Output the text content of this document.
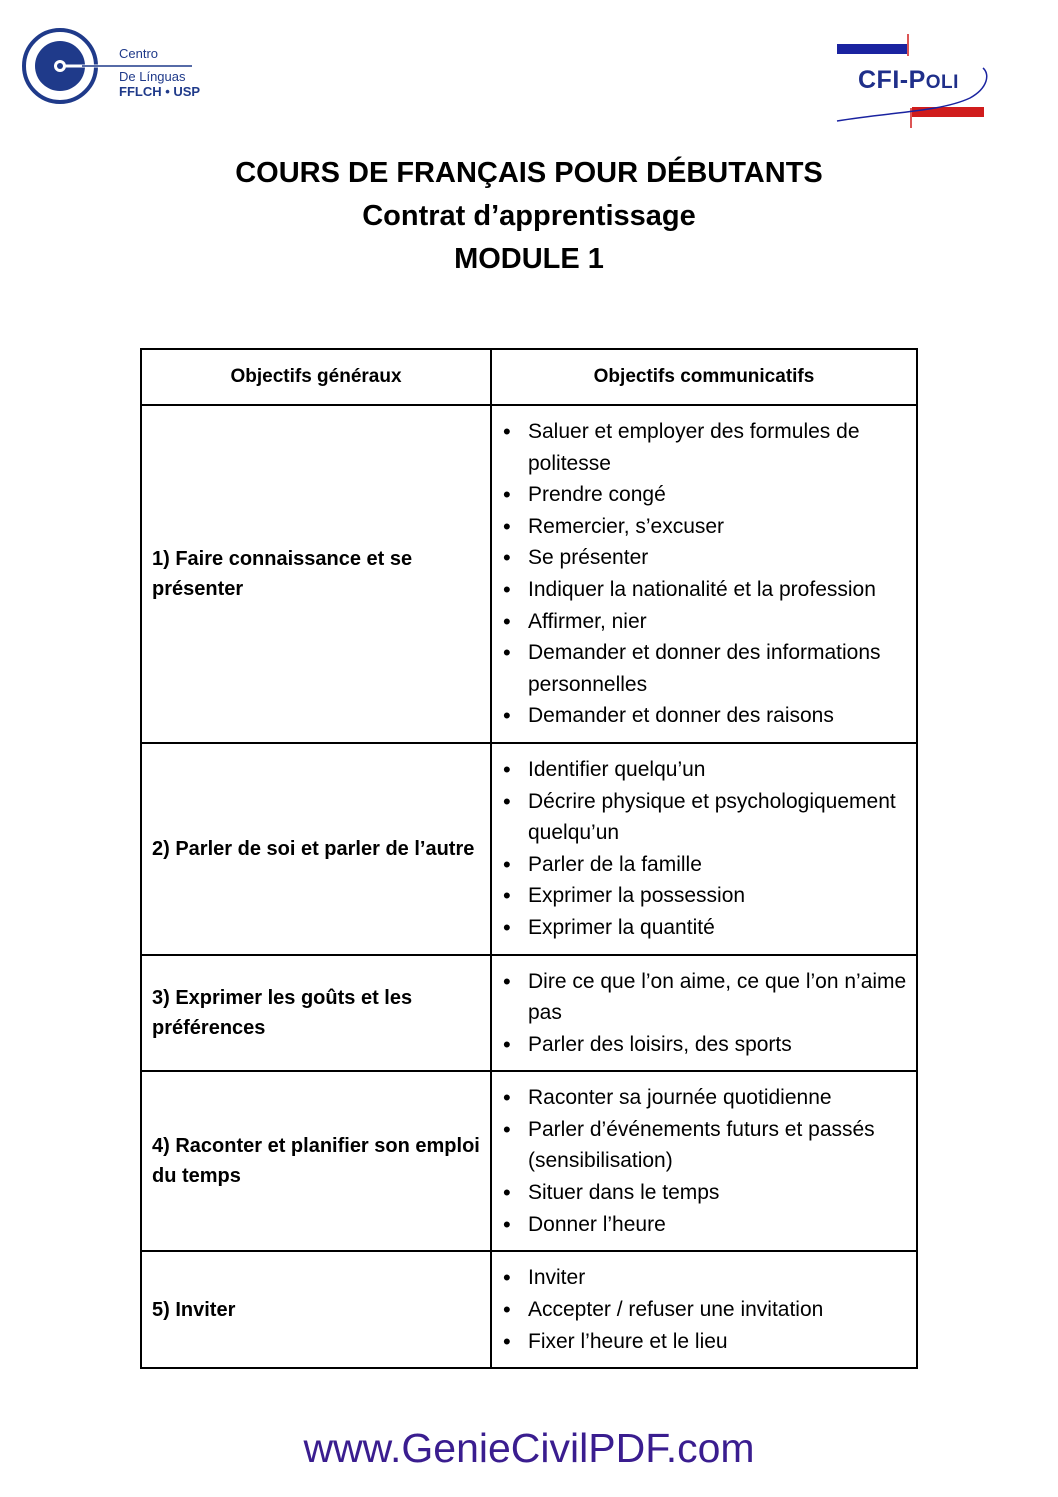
Centro
De Línguas
FFLCH • USP	CFI-POLI
COURS DE FRANÇAIS POUR DÉBUTANTS
Contrat d’apprentissage
MODULE 1
Objectifs généraux	Objectifs communicatifs
1) Faire connaissance et se présenter	
• Saluer et employer des formules de politesse
• Prendre congé
• Remercier, s’excuser
• Se présenter
• Indiquer la nationalité et la profession
• Affirmer, nier
• Demander et donner des informations personnelles
• Demander et donner des raisons

2) Parler de soi et parler de l’autre	
• Identifier quelqu’un
• Décrire physique et psychologiquement quelqu’un
• Parler de la famille
• Exprimer la possession
• Exprimer la quantité

3) Exprimer les goûts et les préférences	
• Dire ce que l’on aime, ce que l’on n’aime pas
• Parler des loisirs, des sports

4) Raconter et planifier son emploi du temps	
• Raconter sa journée quotidienne
• Parler d’événements futurs et passés (sensibilisation)
• Situer dans le temps
• Donner l’heure

5) Inviter	
• Inviter
• Accepter / refuser une invitation
• Fixer l’heure et le lieu
www.GenieCivilPDF.com
